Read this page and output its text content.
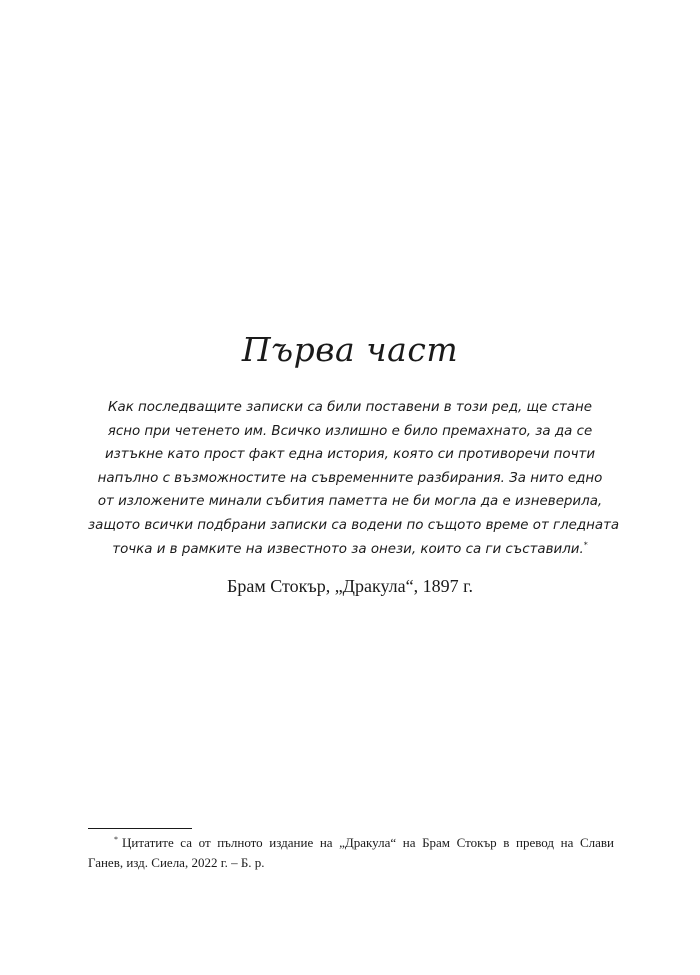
Първа част

Как последващите записки са били поставени в този ред, ще стане
ясно при четенето им. Всичко излишно е било премахнато, за да се
изтъкне като прост факт една история, която си противоречи почти
напълно с възможностите на съвременните разбирания. За нито едно
от изложените минали събития паметта не би могла да е изневерила,
защото всички подбрани записки са водени по същото време от гледната
точка и в рамките на известното за онези, които са ги съставили.*

Брам Стокър, „Дракула“, 1897 г.

* Цитатите са от пълното издание на „Дракула“ на Брам Стокър в превод на Слави
Ганев, изд. Сиела, 2022 г. – Б. р.
